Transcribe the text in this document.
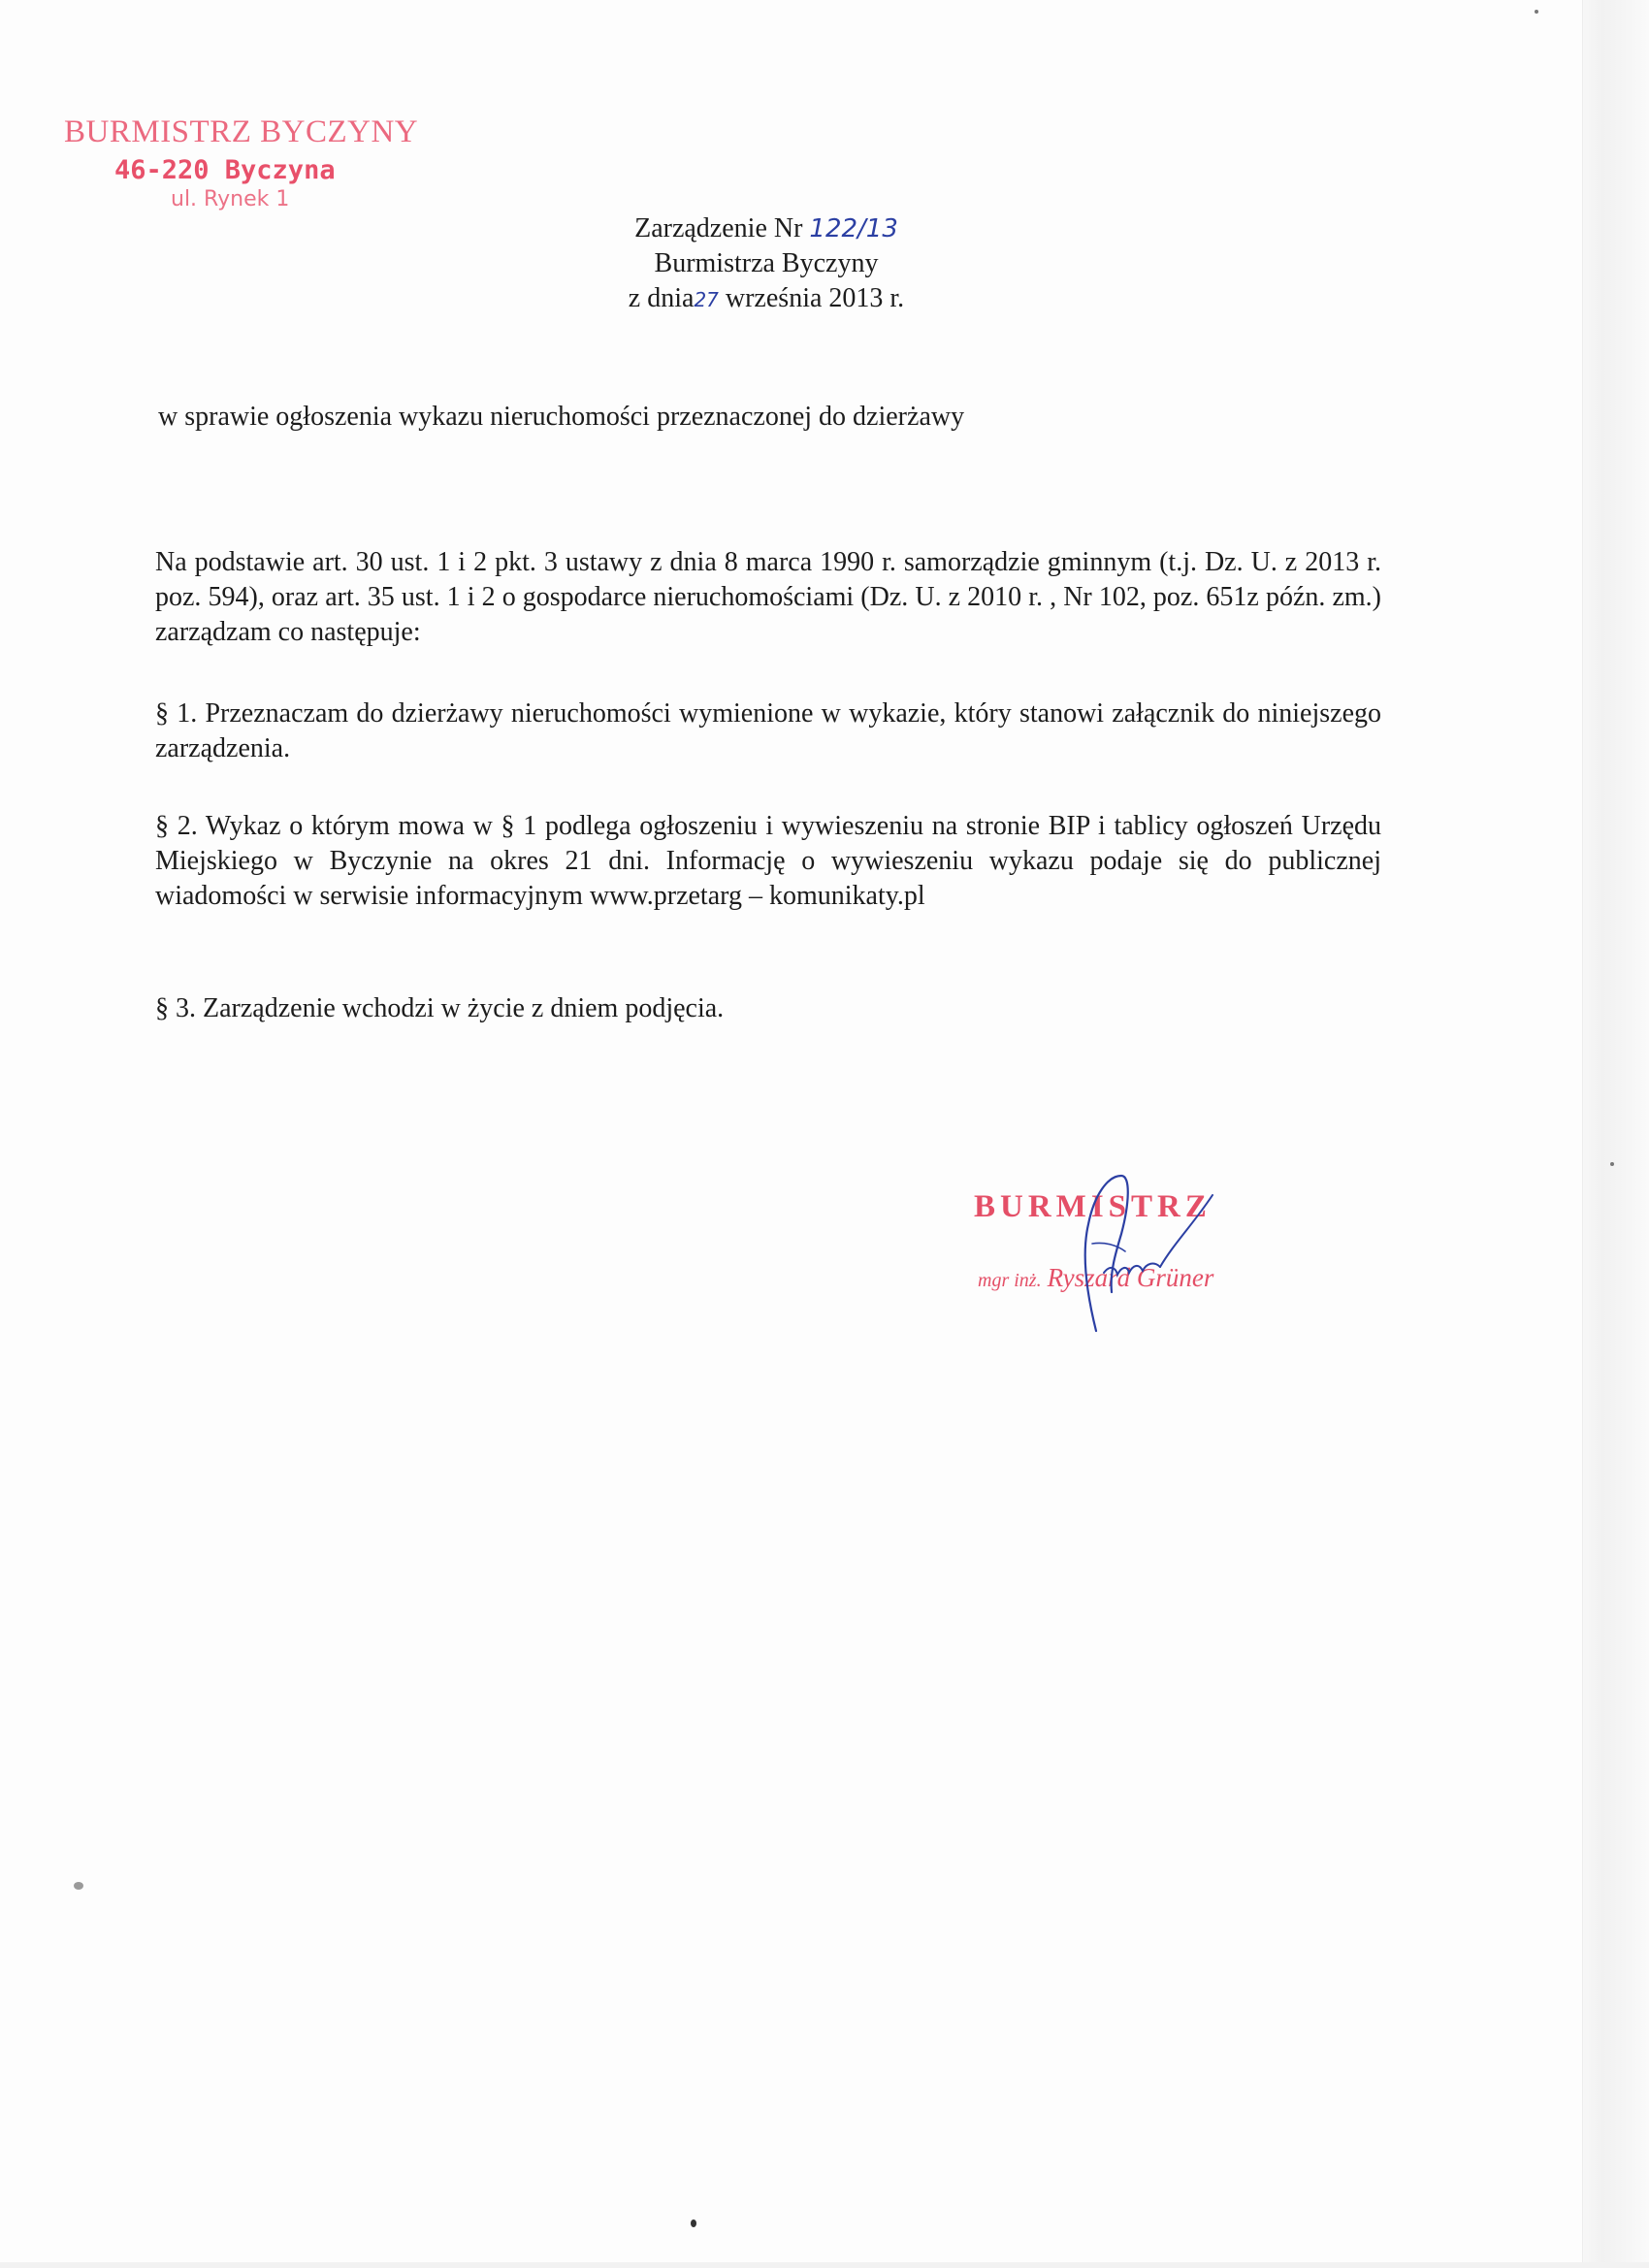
BURMISTRZ BYCZYNY
46-220 Byczyna
ul. Rynek 1
Zarządzenie Nr 122/13
Burmistrza Byczyny
z dnia27 września 2013 r.
w sprawie ogłoszenia wykazu nieruchomości przeznaczonej do dzierżawy
Na podstawie art. 30 ust. 1 i 2 pkt. 3 ustawy z dnia 8 marca 1990 r. samorządzie gminnym (t.j. Dz. U. z 2013 r. poz. 594), oraz art. 35 ust. 1 i 2 o gospodarce nieruchomościami (Dz. U. z 2010 r. , Nr 102, poz. 651z późn. zm.) zarządzam co następuje:
§ 1. Przeznaczam do dzierżawy nieruchomości wymienione w wykazie, który stanowi załącznik do niniejszego zarządzenia.
§ 2. Wykaz o którym mowa w § 1 podlega ogłoszeniu i wywieszeniu na stronie BIP i tablicy ogłoszeń Urzędu Miejskiego w Byczynie na okres 21 dni. Informację o wywieszeniu wykazu podaje się do publicznej wiadomości w serwisie informacyjnym www.przetarg – komunikaty.pl
§ 3. Zarządzenie wchodzi w życie z dniem podjęcia.
BURMISTRZ
mgr inż. Ryszard Grüner
